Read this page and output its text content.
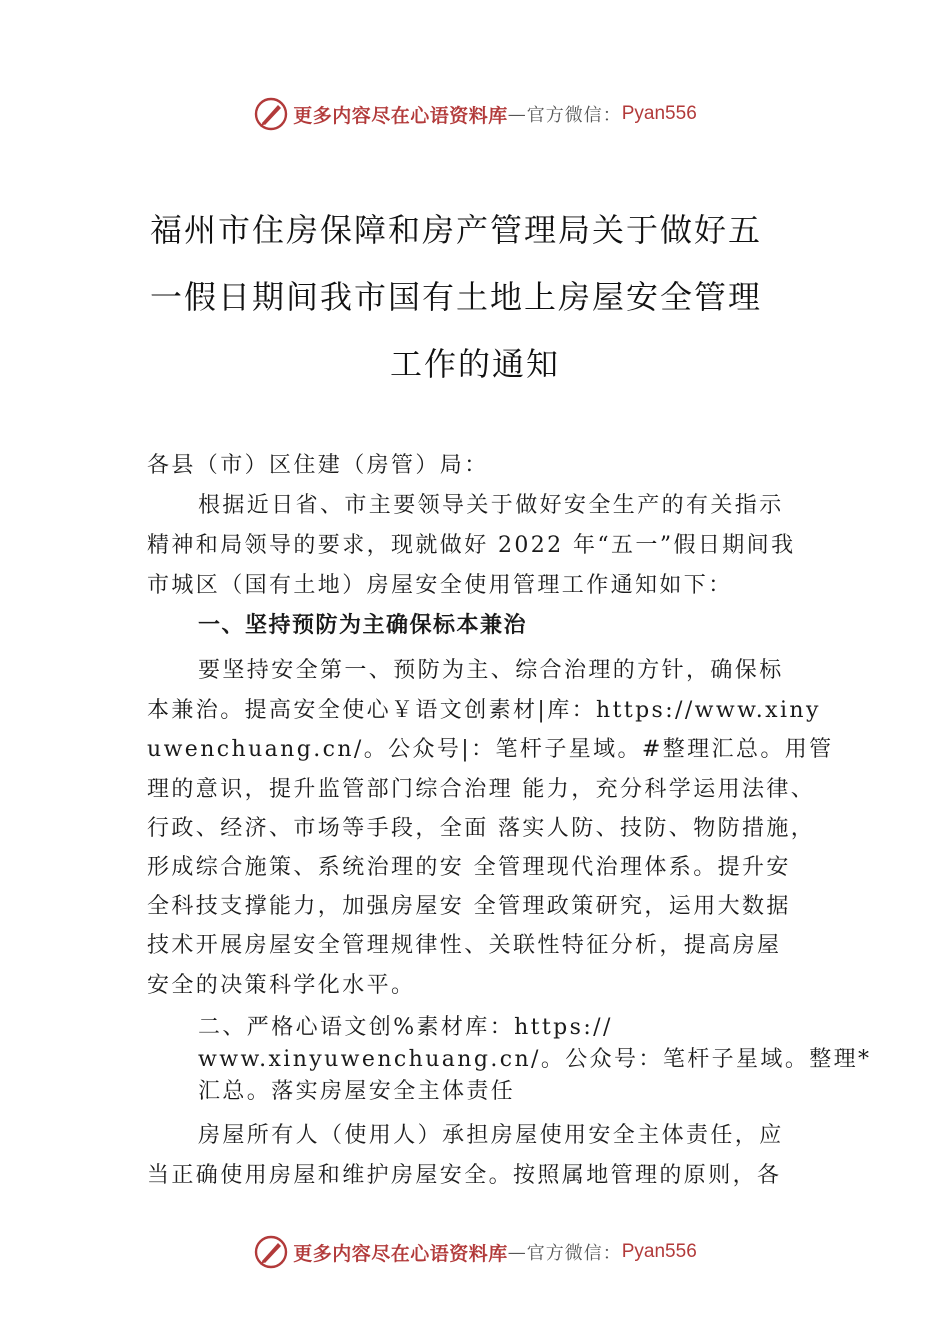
更多内容尽在心语资料库 — 官方微信： Pyan556
福州市住房保障和房产管理局关于做好五
一假日期间我市国有土地上房屋安全管理
工作的通知
各县（市）区住建（房管）局：
根据近日省、市主要领导关于做好安全生产的有关指示
精神和局领导的要求，现就做好 2022 年“五一”假日期间我
市城区（国有土地）房屋安全使用管理工作通知如下：
一、坚持预防为主确保标本兼治
要坚持安全第一、预防为主、综合治理的方针，确保标
本兼治。提高安全使心￥语文创素材|库：https://www.xiny
uwenchuang.cn/。公众号|：笔杆子星域。#整理汇总。用管
理的意识，提升监管部门综合治理 能力，充分科学运用法律、
行政、经济、市场等手段，全面 落实人防、技防、物防措施，
形成综合施策、系统治理的安 全管理现代治理体系。提升安
全科技支撑能力，加强房屋安 全管理政策研究，运用大数据
技术开展房屋安全管理规律性、关联性特征分析，提高房屋
安全的决策科学化水平。
二、严格心语文创%素材库：https://
www.xinyuwenchuang.cn/。公众号：笔杆子星域。整理*
汇总。落实房屋安全主体责任
房屋所有人（使用人）承担房屋使用安全主体责任，应
当正确使用房屋和维护房屋安全。按照属地管理的原则，各
更多内容尽在心语资料库 — 官方微信： Pyan556
